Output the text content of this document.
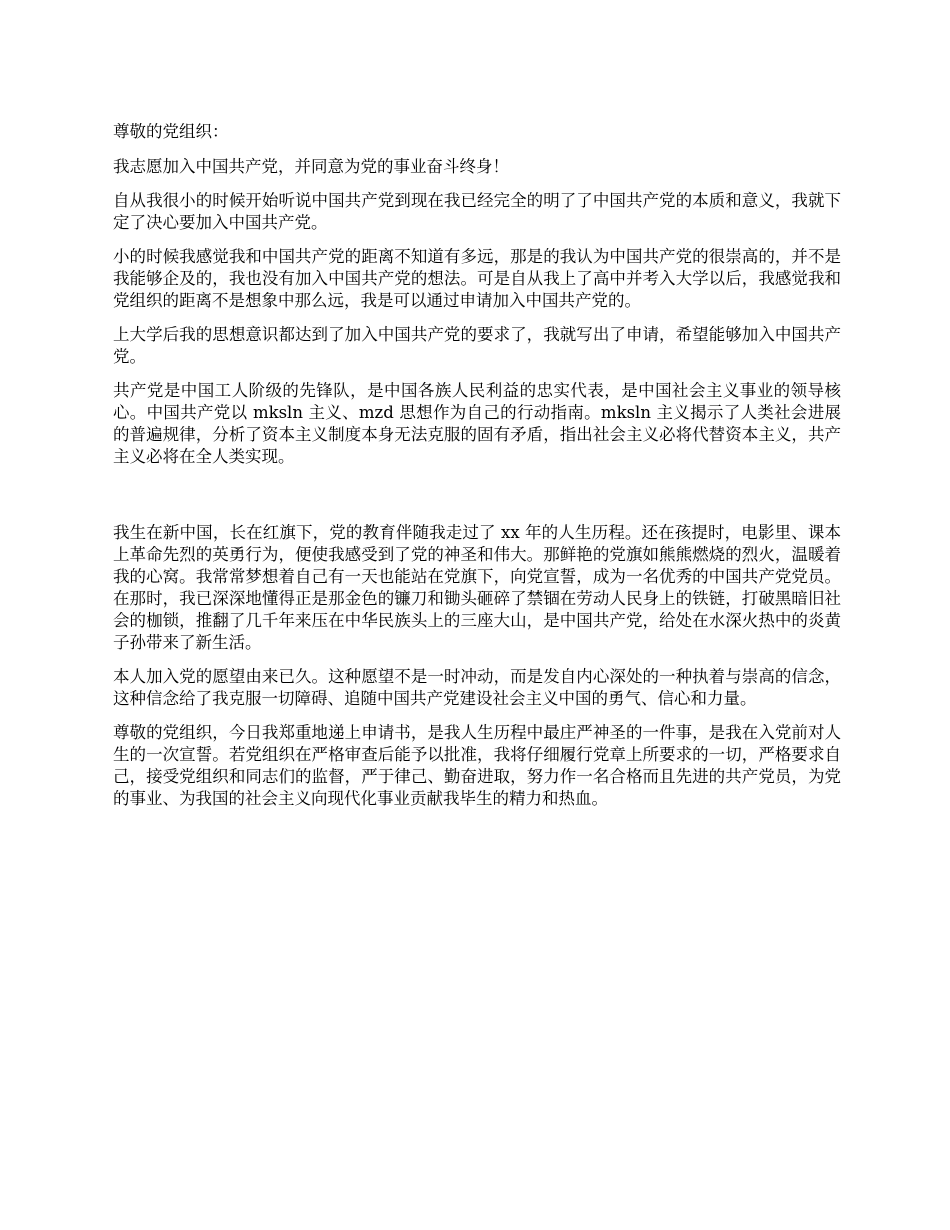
尊敬的党组织：

我志愿加入中国共产党，并同意为党的事业奋斗终身！

自从我很小的时候开始听说中国共产党到现在我已经完全的明了了中国共产党的本质和意义，我就下定了决心要加入中国共产党。

小的时候我感觉我和中国共产党的距离不知道有多远，那是的我认为中国共产党的很崇高的，并不是我能够企及的，我也没有加入中国共产党的想法。可是自从我上了高中并考入大学以后，我感觉我和党组织的距离不是想象中那么远，我是可以通过申请加入中国共产党的。

上大学后我的思想意识都达到了加入中国共产党的要求了，我就写出了申请，希望能够加入中国共产党。

共产党是中国工人阶级的先锋队，是中国各族人民利益的忠实代表，是中国社会主义事业的领导核心。中国共产党以 mksln 主义、mzd 思想作为自己的行动指南。mksln 主义揭示了人类社会进展的普遍规律，分析了资本主义制度本身无法克服的固有矛盾，指出社会主义必将代替资本主义，共产主义必将在全人类实现。

我生在新中国，长在红旗下，党的教育伴随我走过了 xx 年的人生历程。还在孩提时，电影里、课本上革命先烈的英勇行为，便使我感受到了党的神圣和伟大。那鲜艳的党旗如熊熊燃烧的烈火，温暖着我的心窝。我常常梦想着自己有一天也能站在党旗下，向党宣誓，成为一名优秀的中国共产党党员。在那时，我已深深地懂得正是那金色的镰刀和锄头砸碎了禁锢在劳动人民身上的铁链，打破黑暗旧社会的枷锁，推翻了几千年来压在中华民族头上的三座大山，是中国共产党，给处在水深火热中的炎黄子孙带来了新生活。

本人加入党的愿望由来已久。这种愿望不是一时冲动，而是发自内心深处的一种执着与崇高的信念，这种信念给了我克服一切障碍、追随中国共产党建设社会主义中国的勇气、信心和力量。

尊敬的党组织，今日我郑重地递上申请书，是我人生历程中最庄严神圣的一件事，是我在入党前对人生的一次宣誓。若党组织在严格审查后能予以批准，我将仔细履行党章上所要求的一切，严格要求自己，接受党组织和同志们的监督，严于律己、勤奋进取，努力作一名合格而且先进的共产党员，为党的事业、为我国的社会主义向现代化事业贡献我毕生的精力和热血。
